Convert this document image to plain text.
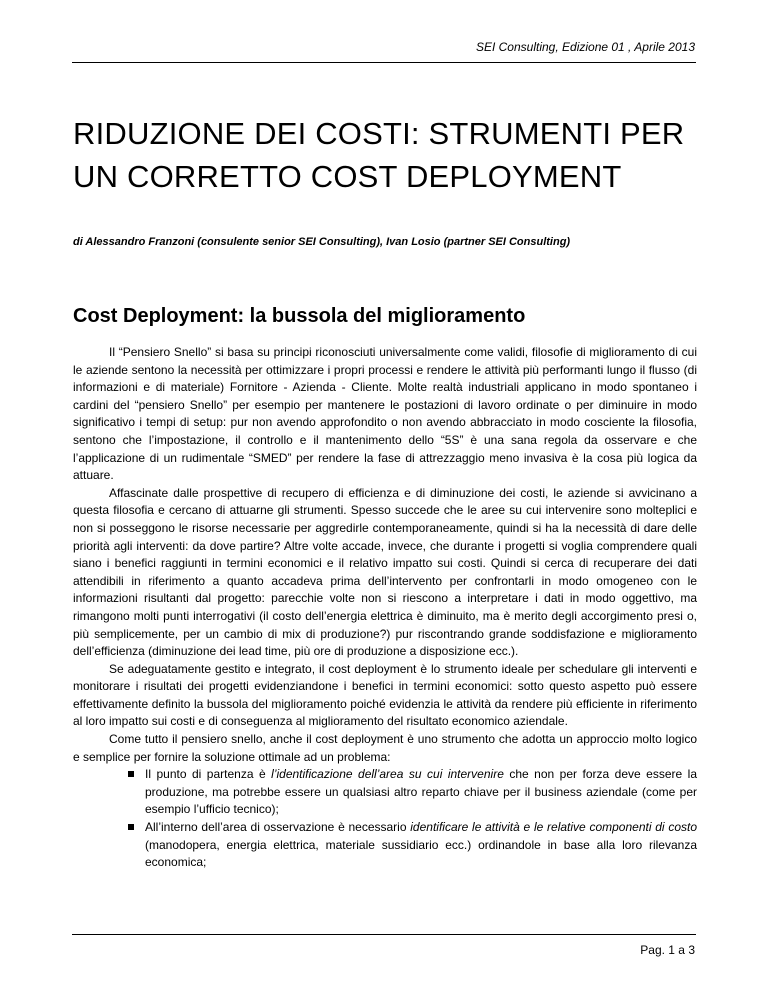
SEI Consulting, Edizione 01 , Aprile 2013
RIDUZIONE DEI COSTI: STRUMENTI PER UN CORRETTO COST DEPLOYMENT
di Alessandro Franzoni (consulente senior SEI Consulting), Ivan Losio (partner SEI Consulting)
Cost Deployment: la bussola del miglioramento

Il “Pensiero Snello” si basa su principi riconosciuti universalmente come validi, filosofie di miglioramento di cui le aziende sentono la necessità per ottimizzare i propri processi e rendere le attività più performanti lungo il flusso (di informazioni e di materiale) Fornitore - Azienda - Cliente. Molte realtà industriali applicano in modo spontaneo i cardini del “pensiero Snello” per esempio per mantenere le postazioni di lavoro ordinate o per diminuire in modo significativo i tempi di setup: pur non avendo approfondito o non avendo abbracciato in modo cosciente la filosofia, sentono che l’impostazione, il controllo e il mantenimento dello “5S” è una sana regola da osservare e che l’applicazione di un rudimentale “SMED” per rendere la fase di attrezzaggio meno invasiva è la cosa più logica da attuare.

Affascinate dalle prospettive di recupero di efficienza e di diminuzione dei costi, le aziende si avvicinano a questa filosofia e cercano di attuarne gli strumenti. Spesso succede che le aree su cui intervenire sono molteplici e non si posseggono le risorse necessarie per aggredirle contemporaneamente, quindi si ha la necessità di dare delle priorità agli interventi: da dove partire? Altre volte accade, invece, che durante i progetti si voglia comprendere quali siano i benefici raggiunti in termini economici e il relativo impatto sui costi. Quindi si cerca di recuperare dei dati attendibili in riferimento a quanto accadeva prima dell’intervento per confrontarli in modo omogeneo con le informazioni risultanti dal progetto: parecchie volte non si riescono a interpretare i dati in modo oggettivo, ma rimangono molti punti interrogativi (il costo dell’energia elettrica è diminuito, ma è merito degli accorgimento presi o, più semplicemente, per un cambio di mix di produzione?) pur riscontrando grande soddisfazione e miglioramento dell’efficienza (diminuzione dei lead time, più ore di produzione a disposizione ecc.).

Se adeguatamente gestito e integrato, il cost deployment è lo strumento ideale per schedulare gli interventi e monitorare i risultati dei progetti evidenziandone i benefici in termini economici: sotto questo aspetto può essere effettivamente definito la bussola del miglioramento poiché evidenzia le attività da rendere più efficiente in riferimento al loro impatto sui costi e di conseguenza al miglioramento del risultato economico aziendale.

Come tutto il pensiero snello, anche il cost deployment è uno strumento che adotta un approccio molto logico e semplice per fornire la soluzione ottimale ad un problema:

Il punto di partenza è l’identificazione dell’area su cui intervenire che non per forza deve essere la produzione, ma potrebbe essere un qualsiasi altro reparto chiave per il business aziendale (come per esempio l’ufficio tecnico);
All’interno dell’area di osservazione è necessario identificare le attività e le relative componenti di costo (manodopera, energia elettrica, materiale sussidiario ecc.) ordinandole in base alla loro rilevanza economica;
Pag. 1 a 3
